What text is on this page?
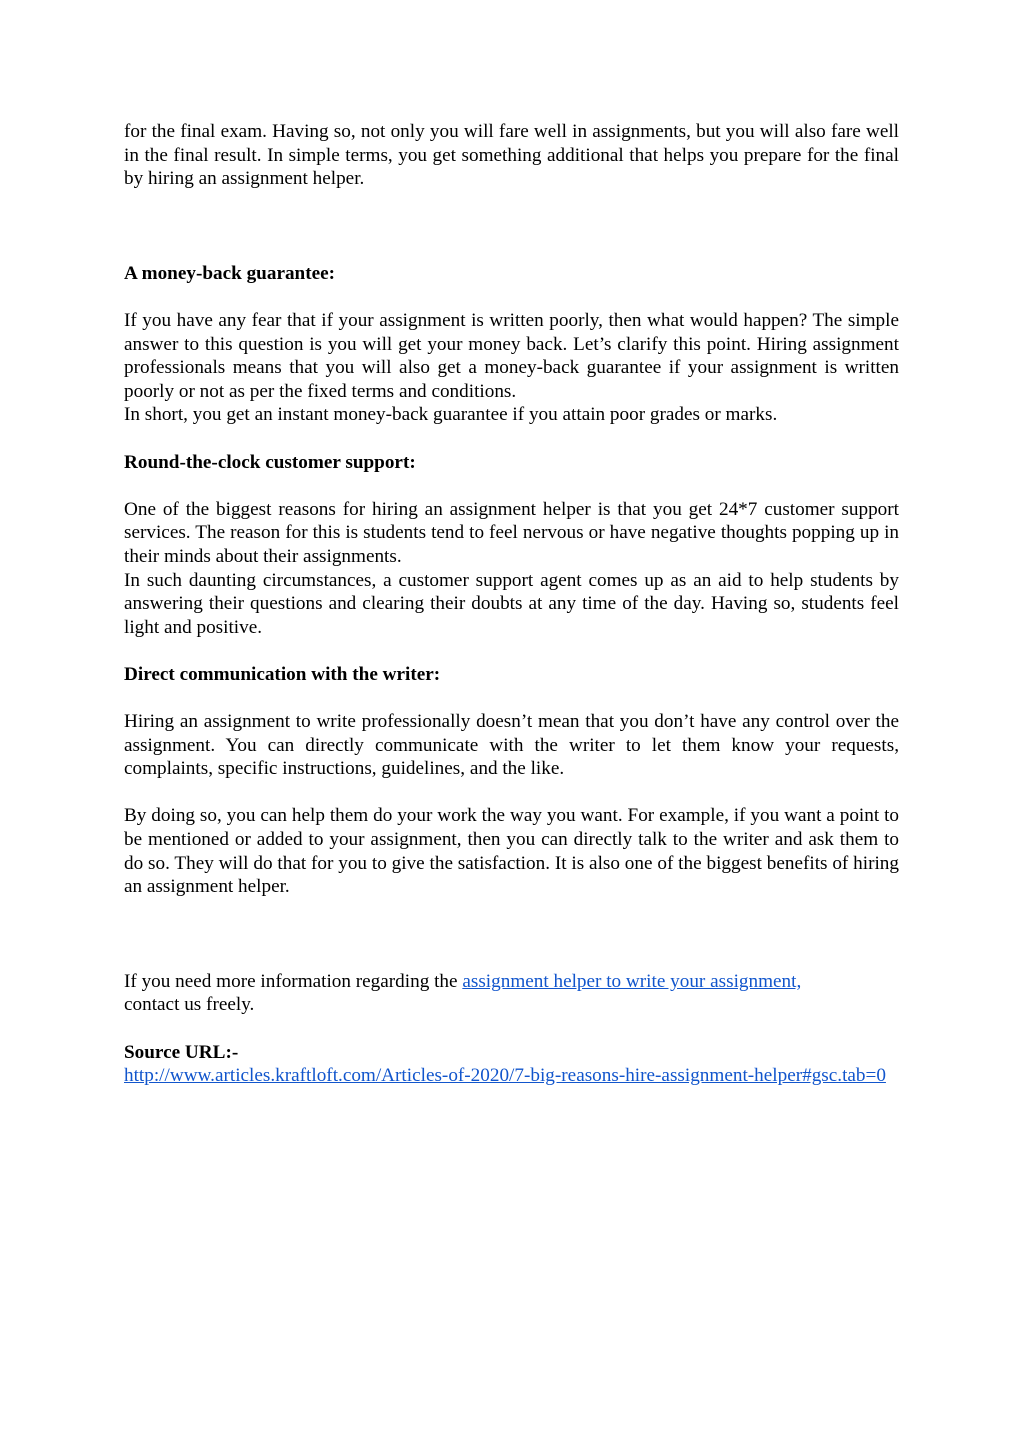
for the final exam. Having so, not only you will fare well in assignments, but you will also fare well in the final result. In simple terms, you get something additional that helps you prepare for the final by hiring an assignment helper.

A money-back guarantee:

If you have any fear that if your assignment is written poorly, then what would happen? The simple answer to this question is you will get your money back. Let’s clarify this point. Hiring assignment professionals means that you will also get a money-back guarantee if your assignment is written poorly or not as per the fixed terms and conditions.

In short, you get an instant money-back guarantee if you attain poor grades or marks.

Round-the-clock customer support:

One of the biggest reasons for hiring an assignment helper is that you get 24*7 customer support services. The reason for this is students tend to feel nervous or have negative thoughts popping up in their minds about their assignments.

In such daunting circumstances, a customer support agent comes up as an aid to help students by answering their questions and clearing their doubts at any time of the day. Having so, students feel light and positive.

Direct communication with the writer:

Hiring an assignment to write professionally doesn’t mean that you don’t have any control over the assignment. You can directly communicate with the writer to let them know your requests, complaints, specific instructions, guidelines, and the like.

By doing so, you can help them do your work the way you want. For example, if you want a point to be mentioned or added to your assignment, then you can directly talk to the writer and ask them to do so. They will do that for you to give the satisfaction. It is also one of the biggest benefits of hiring an assignment helper.

If you need more information regarding the assignment helper to write your assignment,
contact us freely.

Source URL:-

http://www.articles.kraftloft.com/Articles-of-2020/7-big-reasons-hire-assignment-helper#gsc.tab=0
